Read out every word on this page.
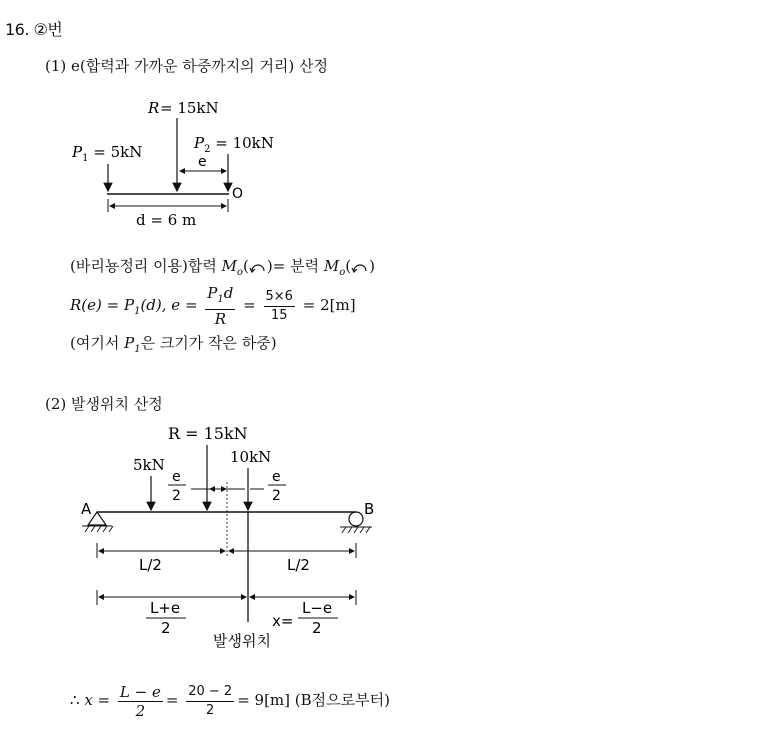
16. ②번
(1) e(합력과 가까운 하중까지의 거리) 산정
R = 15kN
$P_1 = 5kN$	$P_2 = 10kN$
e
O
d = 6 m
R = 15kN
5kN	10kN
e
2
e
2
A	B
L/2	L/2
L+e
2	x=
L−e
2
발생위치
(바리뇽정리 이용)합력 $M_o$( )= 분력 $M_o$( )
$R(e) = P_1(d)$, $e = \frac{P_1d}{R} = \frac{5\times 6}{15} = 2[m]$
(여기서 $P_1$은 크기가 작은 하중)
(2) 발생위치 산정
∴ $x = \frac{L - e}{2} = \frac{20 - 2}{2} = 9[m]$ (B점으로부터)
